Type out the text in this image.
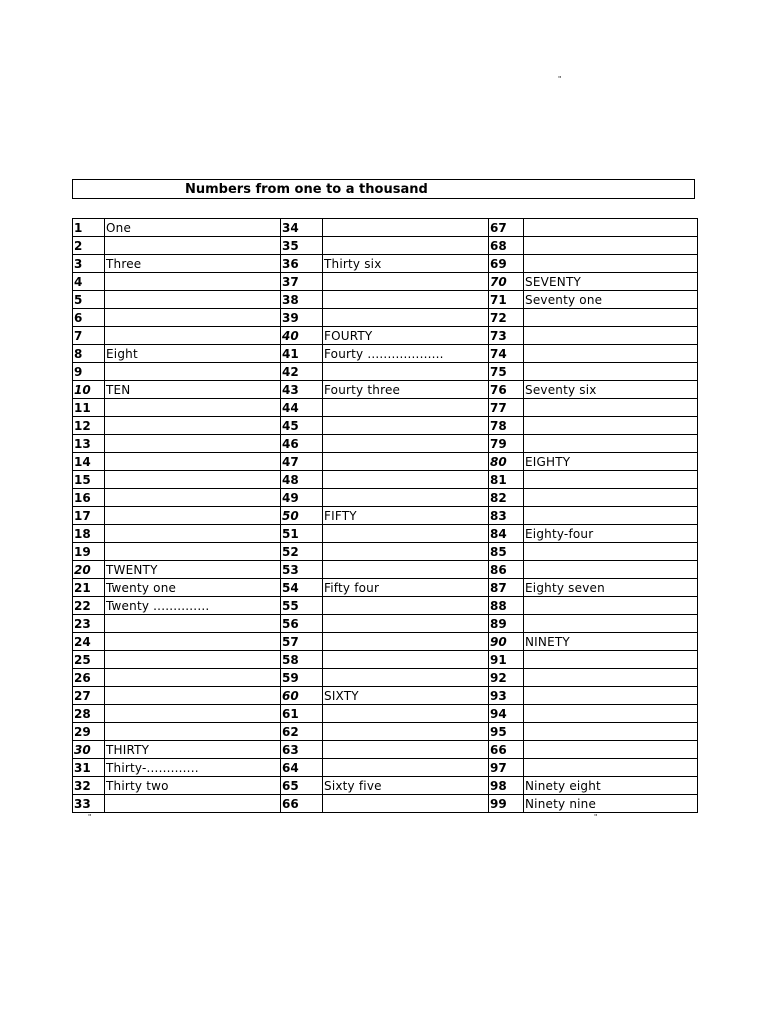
"
Numbers from one to a thousand
1	One	34		67	
2		35		68	
3	Three	36	Thirty six	69	
4		37		70	SEVENTY
5		38		71	Seventy one
6		39		72	
7		40	FOURTY	73	
8	Eight	41	Fourty ...................	74	
9		42		75	
10	TEN	43	Fourty three	76	Seventy six
11		44		77	
12		45		78	
13		46		79	
14		47		80	EIGHTY
15		48		81	
16		49		82	
17		50	FIFTY	83	
18		51		84	Eighty-four
19		52		85	
20	TWENTY	53		86	
21	Twenty one	54	Fifty four	87	Eighty seven
22	Twenty ..............	55		88	
23		56		89	
24		57		90	NINETY
25		58		91	
26		59		92	
27		60	SIXTY	93	
28		61		94	
29		62		95	
30	THIRTY	63		66	
31	Thirty-.............	64		97	
32	Thirty two	65	Sixty five	98	Ninety eight
33		66		99	Ninety nine
"	"
